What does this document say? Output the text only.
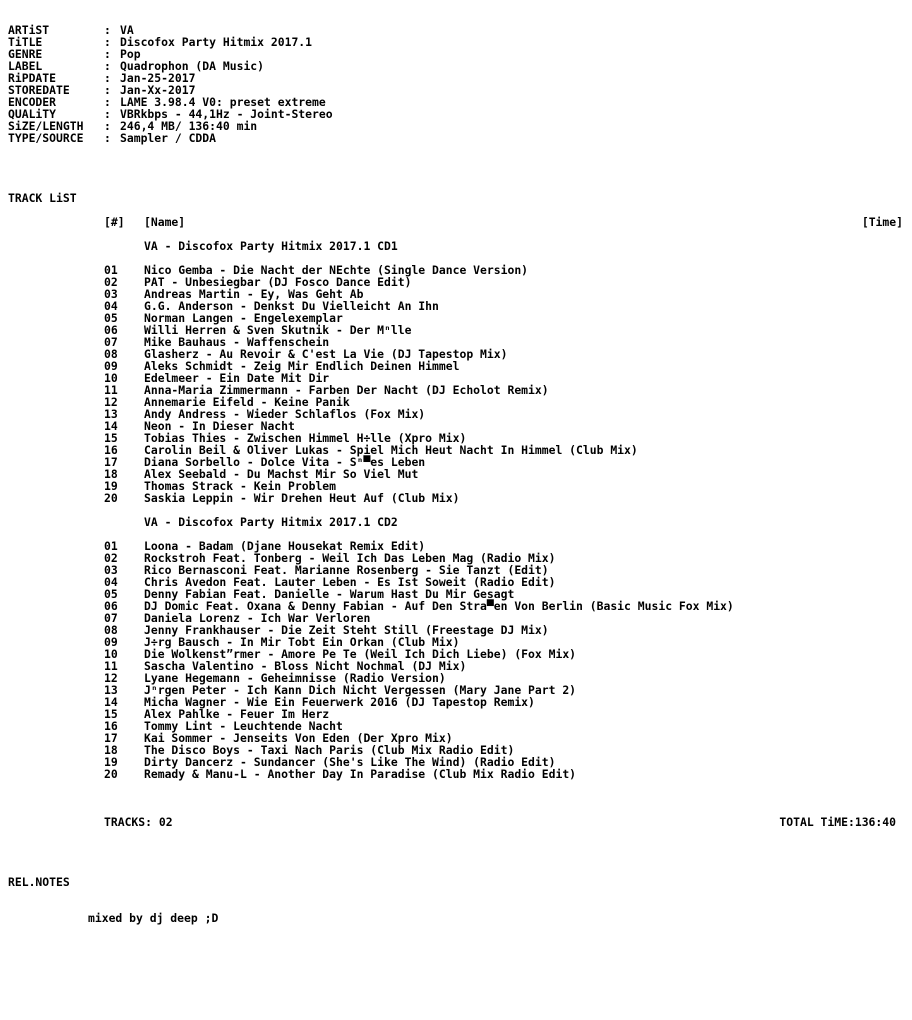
ARTiST	: VA
TiTLE	: Discofox Party Hitmix 2017.1
GENRE	: Pop
LABEL	: Quadrophon (DA Music)
RiPDATE	: Jan-25-2017
STOREDATE	: Jan-Xx-2017
ENCODER	: LAME 3.98.4 V0: preset extreme
QUALiTY	: VBRkbps - 44,1Hz - Joint-Stereo
SiZE/LENGTH : 246,4 MB/ 136:40 min
TYPE/SOURCE : Sampler / CDDA
TRACK LiST
[#] [Name]	[Time]
VA - Discofox Party Hitmix 2017.1 CD1
01 Nico Gemba - Die Nacht der NΕchte (Single Dance Version)
02 PAT - Unbesiegbar (DJ Fosco Dance Edit)
03 Andreas Martin - Ey, Was Geht Ab
04 G.G. Anderson - Denkst Du Vielleicht An Ihn
05 Norman Langen - Engelexemplar
06 Willi Herren & Sven Skutnik - Der Mⁿlle
07 Mike Bauhaus - Waffenschein
08 Glasherz - Au Revoir & C'est La Vie (DJ Tapestop Mix)
09 Aleks Schmidt - Zeig Mir Endlich Deinen Himmel
10 Edelmeer - Ein Date Mit Dir
11 Anna-Maria Zimmermann - Farben Der Nacht (DJ Echolot Remix)
12 Annemarie Eifeld - Keine Panik
13 Andy Andress - Wieder Schlaflos (Fox Mix)
14 Neon - In Dieser Nacht
15 Tobias Thies - Zwischen Himmel H÷lle (Xpro Mix)
16 Carolin Beil & Oliver Lukas - Spiel Mich Heut Nacht In Himmel (Club Mix)
17 Diana Sorbello - Dolce Vita - Sⁿ▀es Leben
18 Alex Seebald - Du Machst Mir So Viel Mut
19 Thomas Strack - Kein Problem
20 Saskia Leppin - Wir Drehen Heut Auf (Club Mix)
VA - Discofox Party Hitmix 2017.1 CD2
01 Loona - Badam (Djane Housekat Remix Edit)
02 Rockstroh Feat. Tonberg - Weil Ich Das Leben Mag (Radio Mix)
03 Rico Bernasconi Feat. Marianne Rosenberg - Sie Tanzt (Edit)
04 Chris Avedon Feat. Lauter Leben - Es Ist Soweit (Radio Edit)
05 Denny Fabian Feat. Danielle - Warum Hast Du Mir Gesagt
06 DJ Domic Feat. Oxana & Denny Fabian - Auf Den Stra▀en Von Berlin (Basic Music Fox Mix)
07 Daniela Lorenz - Ich War Verloren
08 Jenny Frankhauser - Die Zeit Steht Still (Freestage DJ Mix)
09 J÷rg Bausch - In Mir Tobt Ein Orkan (Club Mix)
10 Die Wolkenst”rmer - Amore Pe Te (Weil Ich Dich Liebe) (Fox Mix)
11 Sascha Valentino - Bloss Nicht Nochmal (DJ Mix)
12 Lyane Hegemann - Geheimnisse (Radio Version)
13 Jⁿrgen Peter - Ich Kann Dich Nicht Vergessen (Mary Jane Part 2)
14 Micha Wagner - Wie Ein Feuerwerk 2016 (DJ Tapestop Remix)
15 Alex Pahlke - Feuer Im Herz
16 Tommy Lint - Leuchtende Nacht
17 Kai Sommer - Jenseits Von Eden (Der Xpro Mix)
18 The Disco Boys - Taxi Nach Paris (Club Mix Radio Edit)
19 Dirty Dancerz - Sundancer (She's Like The Wind) (Radio Edit)
20 Remady & Manu-L - Another Day In Paradise (Club Mix Radio Edit)
TRACKS: 02	TOTAL TiME:136:40
REL.NOTES
mixed by dj deep ;D
